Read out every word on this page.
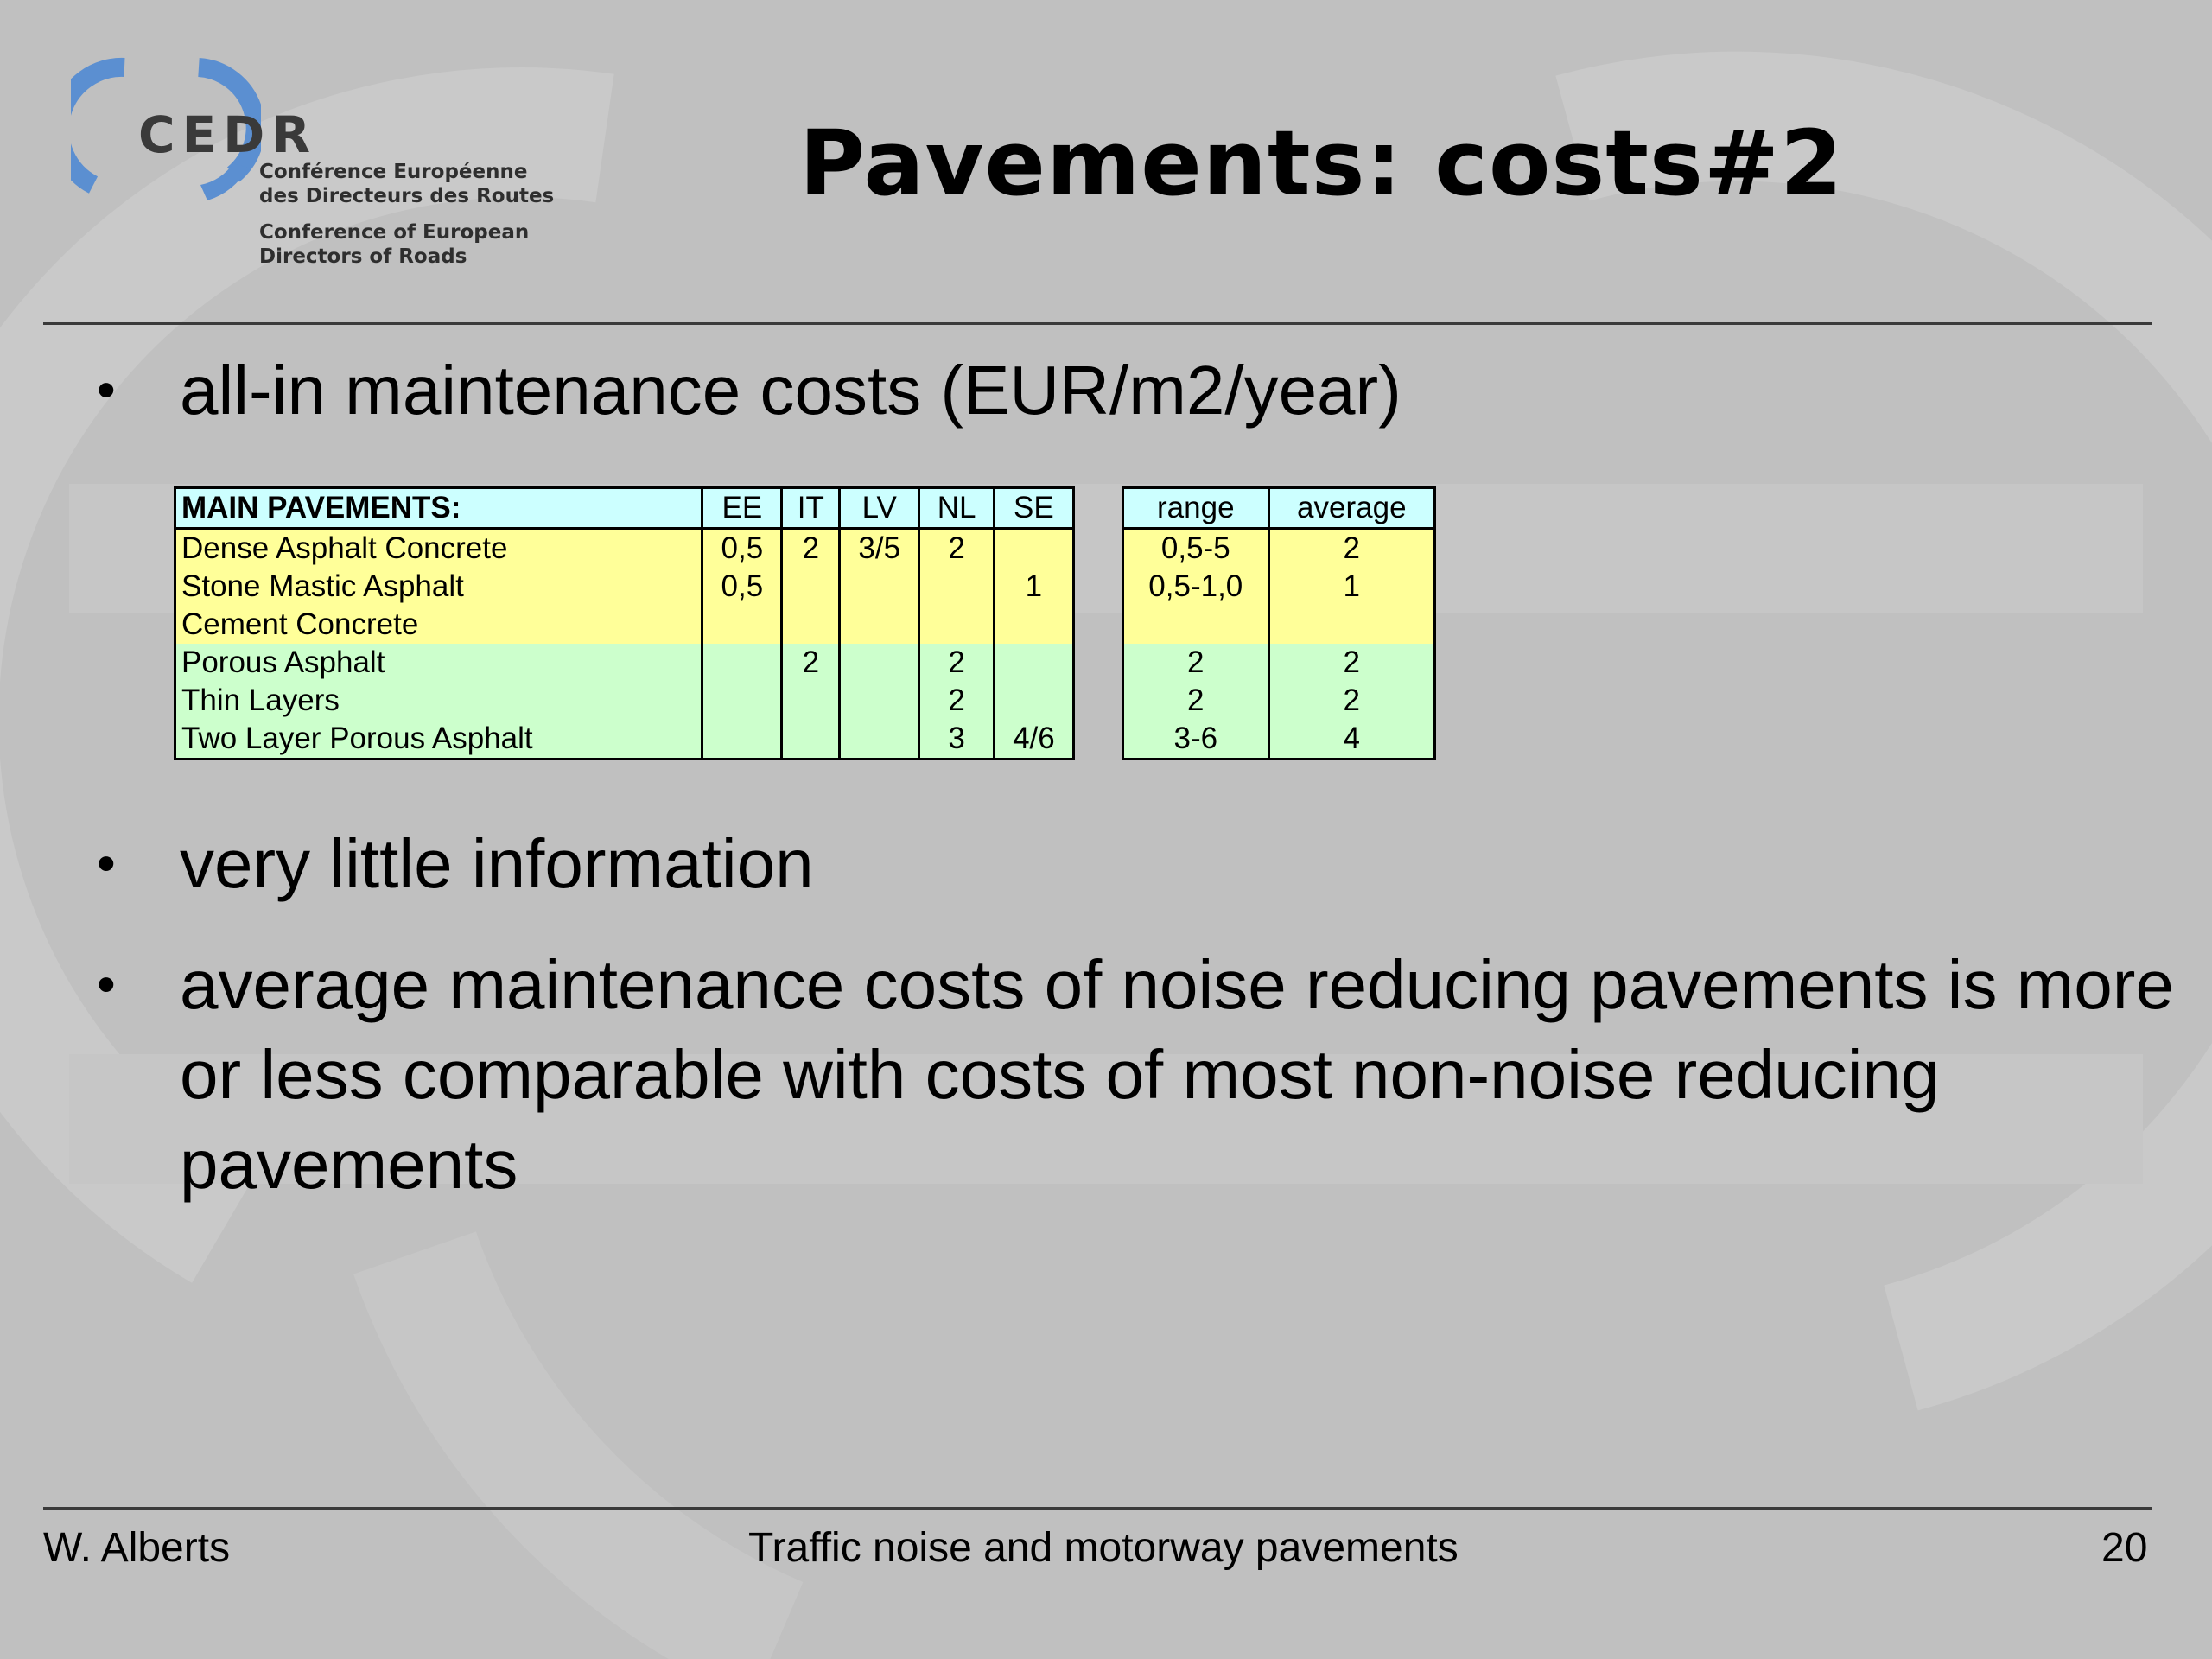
CEDR
Conférence Européenne
des Directeurs des Routes
Conference of European
Directors of Roads
Pavements: costs#2
• all-in maintenance costs (EUR/m2/year)
MAIN PAVEMENTS:	EE	IT	LV	NL	SE
Dense Asphalt Concrete	0,5	2	3/5	2	
Stone Mastic Asphalt	0,5				1
Cement Concrete					
Porous Asphalt		2		2	
Thin Layers				2	
Two Layer Porous Asphalt				3	4/6
range	average
0,5-5	2
0,5-1,0	1

2	2
2	2
3-6	4
• very little information
• average maintenance costs of noise reducing pavements is more or less comparable with costs of most non-noise reducing pavements
W. Alberts	Traffic noise and motorway pavements	20
